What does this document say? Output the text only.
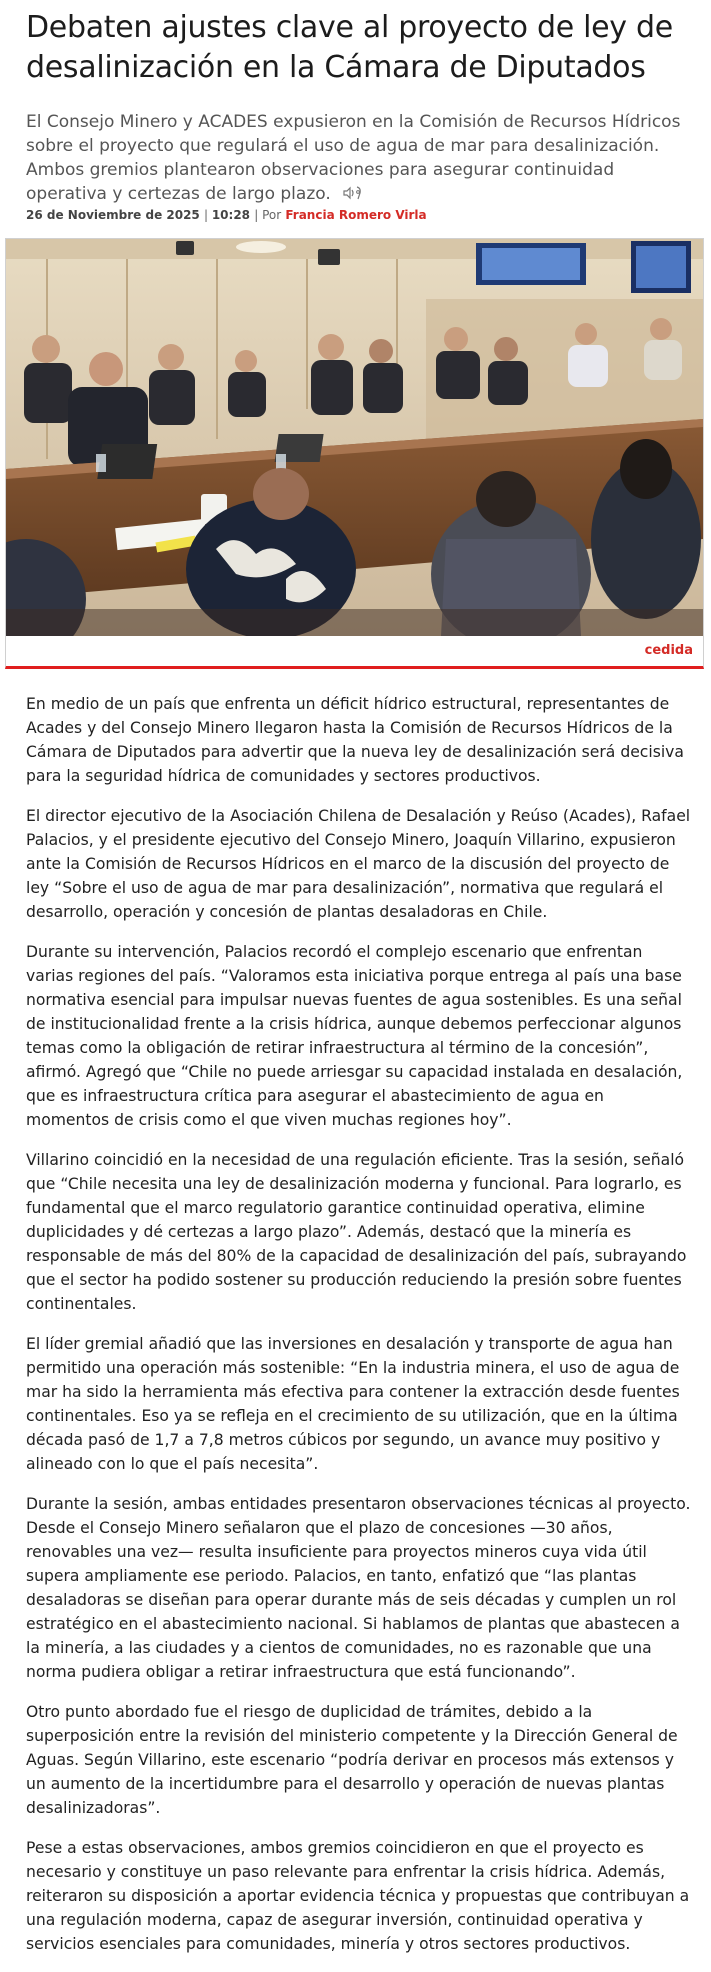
Debaten ajustes clave al proyecto de ley de desalinización en la Cámara de Diputados
El Consejo Minero y ACADES expusieron en la Comisión de Recursos Hídricos sobre el proyecto que regulará el uso de agua de mar para desalinización. Ambos gremios plantearon observaciones para asegurar continuidad operativa y certezas de largo plazo.
26 de Noviembre de 2025 | 10:28 | Por Francia Romero Virla
cedida

En medio de un país que enfrenta un déficit hídrico estructural, representantes de Acades y del Consejo Minero llegaron hasta la Comisión de Recursos Hídricos de la Cámara de Diputados para advertir que la nueva ley de desalinización será decisiva para la seguridad hídrica de comunidades y sectores productivos.

El director ejecutivo de la Asociación Chilena de Desalación y Reúso (Acades), Rafael Palacios, y el presidente ejecutivo del Consejo Minero, Joaquín Villarino, expusieron ante la Comisión de Recursos Hídricos en el marco de la discusión del proyecto de ley “Sobre el uso de agua de mar para desalinización”, normativa que regulará el desarrollo, operación y concesión de plantas desaladoras en Chile.

Durante su intervención, Palacios recordó el complejo escenario que enfrentan varias regiones del país. “Valoramos esta iniciativa porque entrega al país una base normativa esencial para impulsar nuevas fuentes de agua sostenibles. Es una señal de institucionalidad frente a la crisis hídrica, aunque debemos perfeccionar algunos temas como la obligación de retirar infraestructura al término de la concesión”, afirmó. Agregó que “Chile no puede arriesgar su capacidad instalada en desalación, que es infraestructura crítica para asegurar el abastecimiento de agua en momentos de crisis como el que viven muchas regiones hoy”.

Villarino coincidió en la necesidad de una regulación eficiente. Tras la sesión, señaló que “Chile necesita una ley de desalinización moderna y funcional. Para lograrlo, es fundamental que el marco regulatorio garantice continuidad operativa, elimine duplicidades y dé certezas a largo plazo”. Además, destacó que la minería es responsable de más del 80% de la capacidad de desalinización del país, subrayando que el sector ha podido sostener su producción reduciendo la presión sobre fuentes continentales.

El líder gremial añadió que las inversiones en desalación y transporte de agua han permitido una operación más sostenible: “En la industria minera, el uso de agua de mar ha sido la herramienta más efectiva para contener la extracción desde fuentes continentales. Eso ya se refleja en el crecimiento de su utilización, que en la última década pasó de 1,7 a 7,8 metros cúbicos por segundo, un avance muy positivo y alineado con lo que el país necesita”.

Durante la sesión, ambas entidades presentaron observaciones técnicas al proyecto. Desde el Consejo Minero señalaron que el plazo de concesiones —30 años, renovables una vez— resulta insuficiente para proyectos mineros cuya vida útil supera ampliamente ese periodo. Palacios, en tanto, enfatizó que “las plantas desaladoras se diseñan para operar durante más de seis décadas y cumplen un rol estratégico en el abastecimiento nacional. Si hablamos de plantas que abastecen a la minería, a las ciudades y a cientos de comunidades, no es razonable que una norma pudiera obligar a retirar infraestructura que está funcionando”.

Otro punto abordado fue el riesgo de duplicidad de trámites, debido a la superposición entre la revisión del ministerio competente y la Dirección General de Aguas. Según Villarino, este escenario “podría derivar en procesos más extensos y un aumento de la incertidumbre para el desarrollo y operación de nuevas plantas desalinizadoras”.

Pese a estas observaciones, ambos gremios coincidieron en que el proyecto es necesario y constituye un paso relevante para enfrentar la crisis hídrica. Además, reiteraron su disposición a aportar evidencia técnica y propuestas que contribuyan a una regulación moderna, capaz de asegurar inversión, continuidad operativa y servicios esenciales para comunidades, minería y otros sectores productivos.
